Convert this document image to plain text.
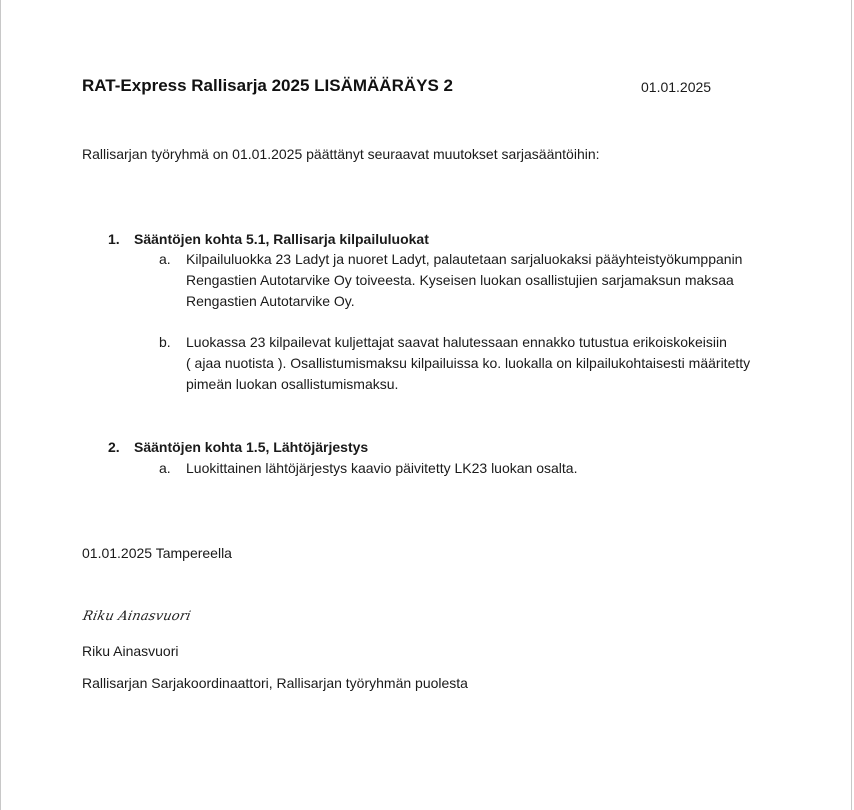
RAT-Express Rallisarja 2025 LISÄMÄÄRÄYS 2	01.01.2025
Rallisarjan työryhmä on 01.01.2025 päättänyt seuraavat muutokset sarjasääntöihin:
1. Sääntöjen kohta 5.1, Rallisarja kilpailuluokat
a. Kilpailuluokka 23 Ladyt ja nuoret Ladyt, palautetaan sarjaluokaksi pääyhteistyökumppanin
Rengastien Autotarvike Oy toiveesta. Kyseisen luokan osallistujien sarjamaksun maksaa
Rengastien Autotarvike Oy.
b. Luokassa 23 kilpailevat kuljettajat saavat halutessaan ennakko tutustua erikoiskokeisiin
( ajaa nuotista ). Osallistumismaksu kilpailuissa ko. luokalla on kilpailukohtaisesti määritetty
pimeän luokan osallistumismaksu.
2. Sääntöjen kohta 1.5, Lähtöjärjestys
a. Luokittainen lähtöjärjestys kaavio päivitetty LK23 luokan osalta.
01.01.2025 Tampereella
Riku Ainasvuori
Riku Ainasvuori
Rallisarjan Sarjakoordinaattori, Rallisarjan työryhmän puolesta
